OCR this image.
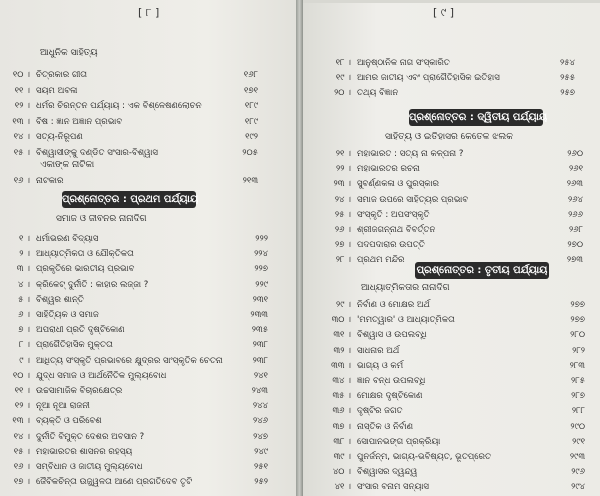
[ ୮ ]
ଆଧୁନିକ ସାହିତ୍ୟ
୧୦ । ଚିତ୍ରକାର ଗୀତା	୧୬୮
୧୧ । ସୟମ ଅବଳା	୧୭୧
୧୨ । ଧର୍ମର ଚିରନ୍ତନ ପର୍ଯ୍ୟାୟ : ଏକ ବିଶ୍ଳେଷଣଲୋଚନ	୧୮୯
୧୩ । ବିଷ : ଜ୍ଞାନ ଅଜ୍ଞାନ ପ୍ରଭାବ	୧୮୯
୧୪ । ସତ୍ୟ-ନିରୂପଣ	୧୯୨
୧୫ । ବିଶ୍ୱାସୀଙ୍କୁ ଦଣ୍ଡିତ ସଂସାର-ବିଶ୍ୱାସ	୨୦୫
ଏକାଙ୍କ ନାଟିକା
୧୬ । ନାଟକାର	୨୧୩
ପ୍ରଶ୍ନୋତ୍ତର : ପ୍ରଥମ ପର୍ଯ୍ୟାୟ
ସମାଜ ଓ ଜୀବନର ନାନାଦିଗ
୧ । ଧର୍ମାଭରଣ ବିଦ୍ୟାସ	୨୨୨
୨ । ଆଧ୍ୟାତ୍ମିକତା ଓ ଯୌକ୍ତିକତା	୨୨୪
୩ । ପ୍ରକୃତିରେ ଭାରତୀୟ ପ୍ରଭାବ	୨୨୭
୪ । କ୍ରିକେଟ୍ ଦୁର୍ନୀତି : କାହାର ଲଜ୍ଜା ?	୨୨୯
୫ । ବିଶ୍ୱର ଶାନ୍ତି	୨୩୧
୬ । ସାହିତ୍ୟିକ ଓ ସମାଜ	୨୩୩
୭ । ଅପରାଧୀ ପ୍ରତି ଦୃଷ୍ଟିକୋଣ	୨୩୫
୮ । ପ୍ରାଗୈତିହାସିକ ମୁକ୍ତତା	୨୩୮
୯ । ଆଧିତ୍ୟ ସଂସ୍କୃତି ପ୍ରଭାବରେ କ୍ଷୁଦ୍ରର ସାଂସ୍କୃତିକ ଚେତନା	୨୩୮
୧୦ । ଯୁଦ୍ଧ ସମାଜ ଓ ଆର୍ଥନୈତିକ ମୁଲ୍ୟବୋଧ	୨୪୧
୧୧ । ଉଚ୍ଚସାମାଜିକ ବିଚାରକ୍ଷେତ୍ର	୨୪୩
୧୨ । ନୂଆ ନୂଆ ରାଜନୀ	୨୪୪
୧୩ । ବ୍ୟକ୍ତି ଓ ପରିବେଶ	୨୪୬
୧୪ । ଦୁର୍ନୀତି ବିମୁକ୍ତ ଦେଶର ଅବସାନ ?	୨୪୭
୧୫ । ମହାଭାରତର ଶାସନର ରହସ୍ୟ	୨୪୯
୧୬ । ସମ୍ବିଧାନ ଓ ଜାତୀୟ ମୁଲ୍ୟବୋଧ	୨୫୧
୧୭ । ଜୈବିକଚିନ୍ତା ଉଜ୍ଜ୍ୱଳତା ଆଣେ ପ୍ରଗତିଦେବ ତୃଟି	୨୫୨
[ ୯ ]
୧୮ । ଆନୁଷ୍ଠାନିକ ନାଗ ସଂସ୍କାରିତ	୨୫୪
୧୯ । ଆମର ଜାତୀୟ ଏବଂ ପ୍ରାଗୈତିହାସିକ ଇତିହାସ	୨୫୫
୨୦ । ତଥ୍ୟ ବିଜ୍ଞାନ	୨୫୭
ପ୍ରଶ୍ନୋତ୍ତର : ଦ୍ୱିତୀୟ ପର୍ଯ୍ୟାୟ
ସାହିତ୍ୟ ଓ ଇତିହାସର କେତେକ ଝଲକ
୨୧ । ମହାଭାରତ : ସତ୍ୟ ନା କଳ୍ପନା ?	୨୬୦
୨୨ । ମହାଭାରତର ରଚନା	୨୬୧
୨୩ । ସୁବର୍ଣ୍ଣକଳା ଓ ପୁରସ୍କାର	୨୬୩
୨୪ । ସମାଜ ଉପରେ ସାହିତ୍ୟର ପ୍ରଭାବ	୨୬୪
୨୫ । ସଂସ୍କୃତି : ଅପସଂସ୍କୃତି	୨୬୬
୨୬ । ଶ୍ରୀଜଗନ୍ନାଥ ବିବର୍ତ୍ତନ	୨୬୮
୨୭ । ପଦପଦାରାର ଉପତ୍ତି	୨୭୦
୨୮ । ପ୍ରଥମ ମନ୍ଦିର	୨୭୩
ପ୍ରଶ୍ନୋତ୍ତର : ତୃତୀୟ ପର୍ଯ୍ୟାୟ
ଆଧ୍ୟାତ୍ମିକତାର ନାନାଦିଗ
୨୯ । ନିର୍ବାଣ ଓ ମୋକ୍ଷର ଅର୍ଥ	୨୭୭
୩୦ । 'ମମତ୍ୱାର' ଓ ଆଧ୍ୟାତ୍ମିକତା	୨୭୭
୩୧ । ବିଶ୍ୱାସ ଓ ଉପଲବ୍ଧି	୨୮୦
୩୨ । ସାଧନାର ଅର୍ଥ	୨୮୨
୩୩ । ଭାଗ୍ୟ ଓ କର୍ମ	୨୮୩
୩୪ । ଜ୍ଞାନ ବନ୍ଧ ଉପଲବ୍ଧି	୨୮୫
୩୫ । ମୋକ୍ଷର ଦୃଷ୍ଟିକୋଣ	୨୮୭
୩୬ । ଦୃଷ୍ଟିର ଜଗତ	୨୮୮
୩୭ । ନାସ୍ତିକ ଓ ନିର୍ବାଣ	୨୯୦
୩୮ । ସୋପାନଭଙ୍ଗ ପ୍ରକ୍ରିୟା	୨୯୧
୩୯ । ପୁନର୍ଜନ୍ମ, ଭାଗ୍ୟ-ଭବିଷ୍ୟତ, ଭୂତପ୍ରେତ	୨୯୩
୪୦ । ବିଶ୍ୱାସର ଦ୍ୱନ୍ଦ୍ୱ	୨୯୬
୪୧ । ସଂସାର ବନାମ ସନ୍ୟାସ	୨୯୪
